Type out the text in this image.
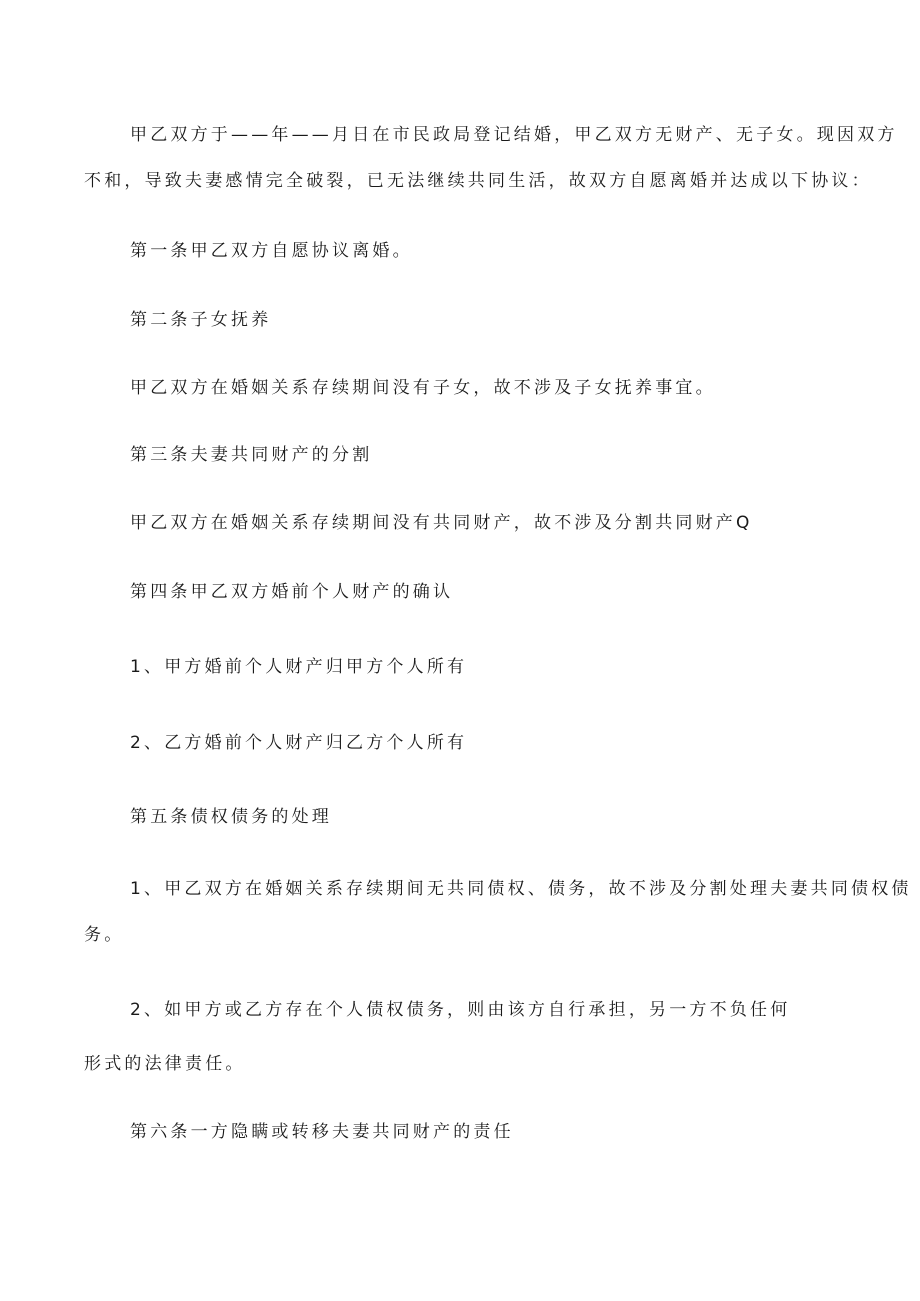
甲乙双方于——年——月日在市民政局登记结婚，甲乙双方无财产、无子女。现因双方

不和，导致夫妻感情完全破裂，已无法继续共同生活，故双方自愿离婚并达成以下协议：

第一条甲乙双方自愿协议离婚。

第二条子女抚养

甲乙双方在婚姻关系存续期间没有子女，故不涉及子女抚养事宜。

第三条夫妻共同财产的分割

甲乙双方在婚姻关系存续期间没有共同财产，故不涉及分割共同财产Q

第四条甲乙双方婚前个人财产的确认

1、甲方婚前个人财产归甲方个人所有

2、乙方婚前个人财产归乙方个人所有

第五条债权债务的处理

1、甲乙双方在婚姻关系存续期间无共同债权、债务，故不涉及分割处理夫妻共同债权债

务。

2、如甲方或乙方存在个人债权债务，则由该方自行承担，另一方不负任何

形式的法律责任。

第六条一方隐瞒或转移夫妻共同财产的责任
